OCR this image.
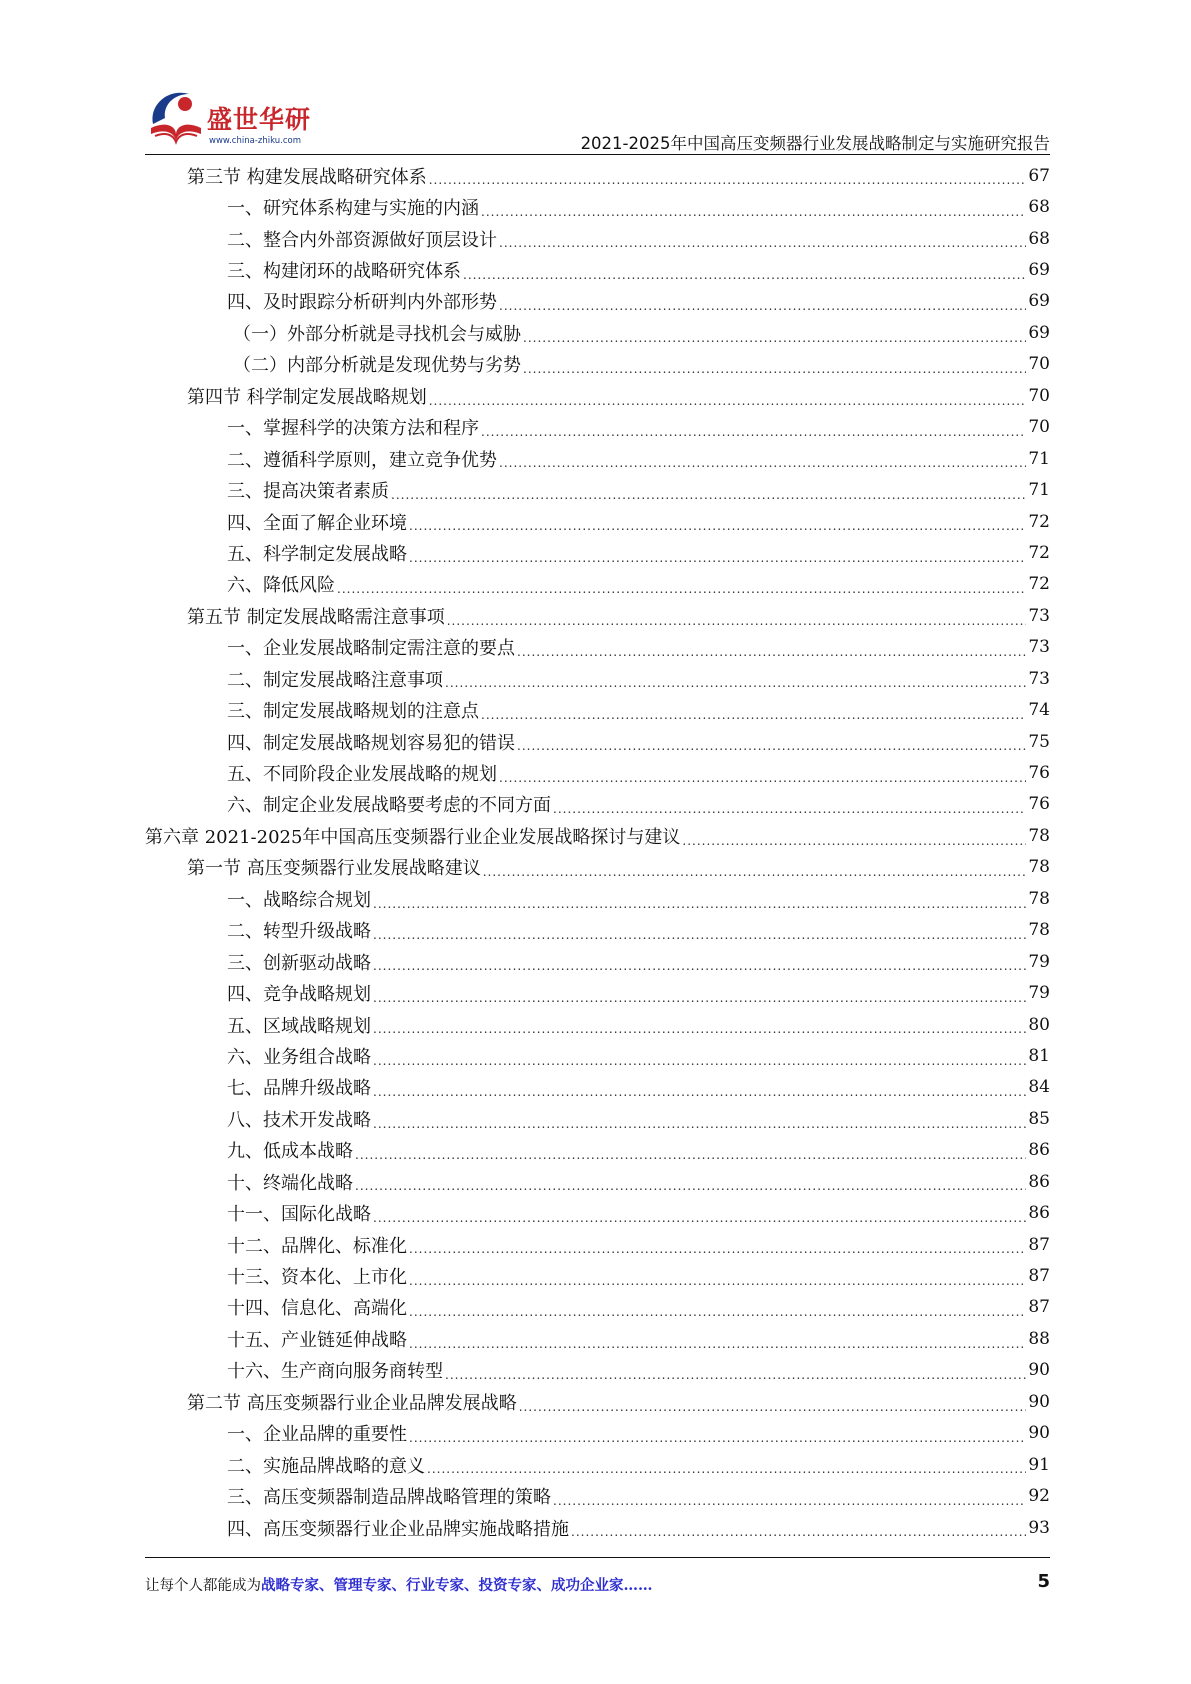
盛世华研
www.china-zhiku.com	2021-2025年中国高压变频器行业发展战略制定与实施研究报告
第三节 构建发展战略研究体系 .....	67
一、研究体系构建与实施的内涵 .....	68
二、整合内外部资源做好顶层设计 .....	68
三、构建闭环的战略研究体系 .....	69
四、及时跟踪分析研判内外部形势 .....	69
（一）外部分析就是寻找机会与威胁 .....	69
（二）内部分析就是发现优势与劣势 .....	70
第四节 科学制定发展战略规划 .....	70
一、掌握科学的决策方法和程序 .....	70
二、遵循科学原则，建立竞争优势 .....	71
三、提高决策者素质 .....	71
四、全面了解企业环境 .....	72
五、科学制定发展战略 .....	72
六、降低风险 .....	72
第五节 制定发展战略需注意事项 .....	73
一、企业发展战略制定需注意的要点 .....	73
二、制定发展战略注意事项 .....	73
三、制定发展战略规划的注意点 .....	74
四、制定发展战略规划容易犯的错误 .....	75
五、不同阶段企业发展战略的规划 .....	76
六、制定企业发展战略要考虑的不同方面 .....	76
第六章 2021-2025年中国高压变频器行业企业发展战略探讨与建议 .....	78
第一节 高压变频器行业发展战略建议 .....	78
一、战略综合规划 .....	78
二、转型升级战略 .....	78
三、创新驱动战略 .....	79
四、竞争战略规划 .....	79
五、区域战略规划 .....	80
六、业务组合战略 .....	81
七、品牌升级战略 .....	84
八、技术开发战略 .....	85
九、低成本战略 .....	86
十、终端化战略 .....	86
十一、国际化战略 .....	86
十二、品牌化、标准化 .....	87
十三、资本化、上市化 .....	87
十四、信息化、高端化 .....	87
十五、产业链延伸战略 .....	88
十六、生产商向服务商转型 .....	90
第二节 高压变频器行业企业品牌发展战略 .....	90
一、企业品牌的重要性 .....	90
二、实施品牌战略的意义 .....	91
三、高压变频器制造品牌战略管理的策略 .....	92
四、高压变频器行业企业品牌实施战略措施 .....	93
让每个人都能成为战略专家、管理专家、行业专家、投资专家、成功企业家……	5
